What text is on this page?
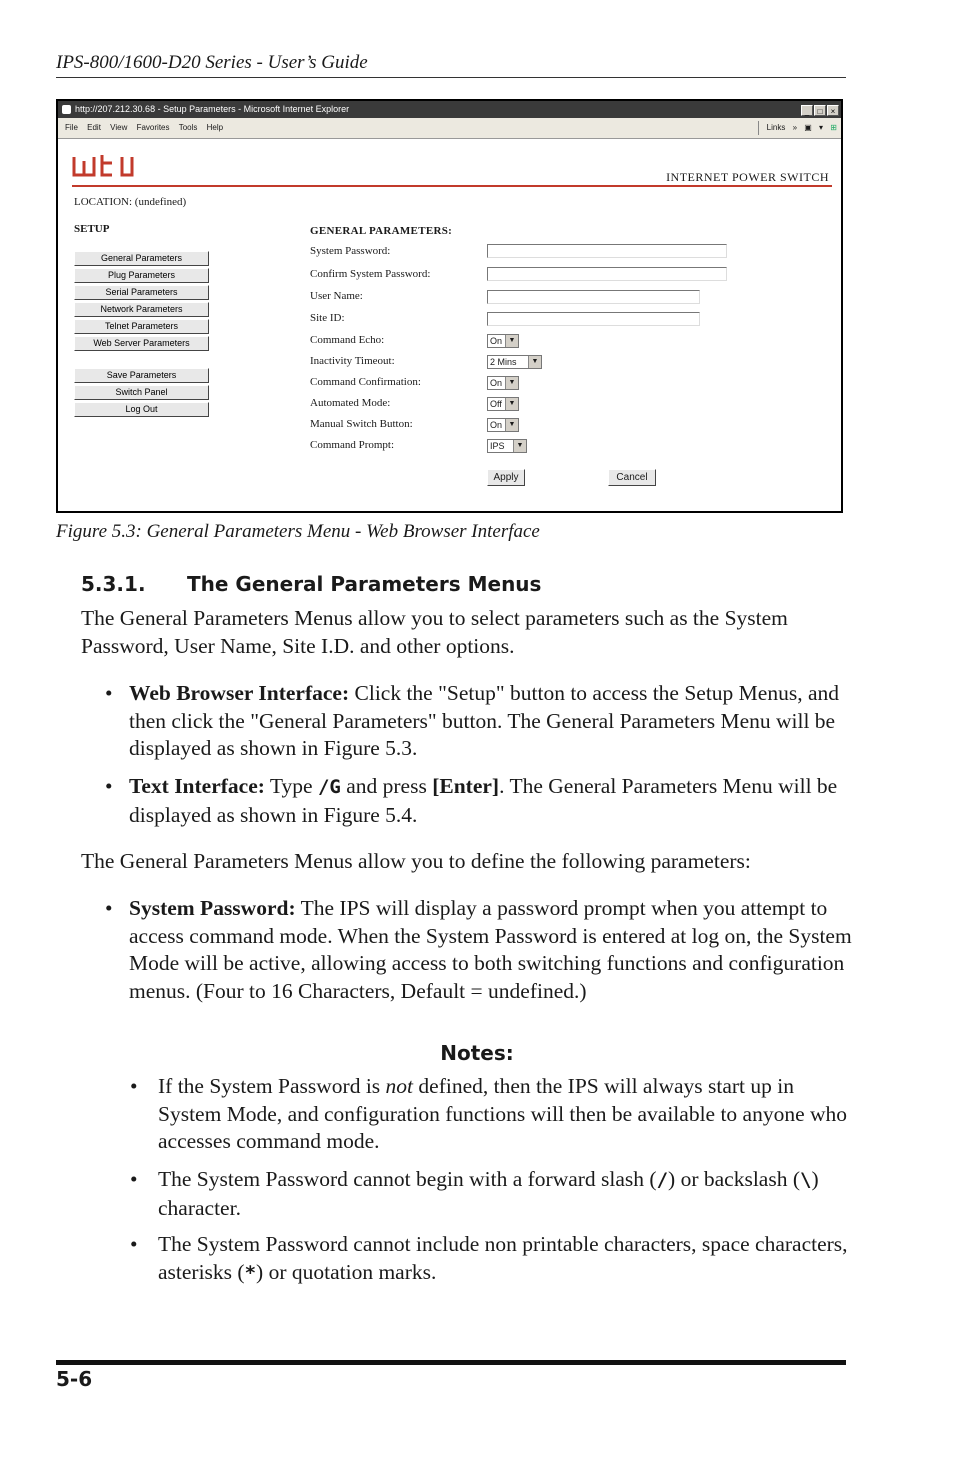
IPS-800/1600-D20 Series - User’s Guide
http://207.212.30.68 - Setup Parameters - Microsoft Internet Explorer	_ □ ×
File Edit View Favorites Tools Help	Links » ▣ ▾ ⊞
wti	INTERNET POWER SWITCH
LOCATION: (undefined)
SETUP
General Parameters
Plug Parameters
Serial Parameters
Network Parameters
Telnet Parameters
Web Server Parameters
Save Parameters
Switch Panel
Log Out
GENERAL PARAMETERS:
System Password:
Confirm System Password:
User Name:
Site ID:
Command Echo:	On ▼
Inactivity Timeout:	2 Mins	▼
Command Confirmation:	On ▼
Automated Mode:	Off ▼
Manual Switch Button:	On ▼
Command Prompt:	IPS	▼
Apply	Cancel
Figure 5.3: General Parameters Menu - Web Browser Interface
5.3.1. The General Parameters Menus
The General Parameters Menus allow you to select parameters such as the System Password, User Name, Site I.D. and other options.
• Web Browser Interface: Click the "Setup" button to access the Setup Menus, and then click the "General Parameters" button. The General Parameters Menu will be displayed as shown in Figure 5.3.
• Text Interface: Type /G and press [Enter]. The General Parameters Menu will be displayed as shown in Figure 5.4.
The General Parameters Menus allow you to define the following parameters:
• System Password: The IPS will display a password prompt when you attempt to access command mode. When the System Password is entered at log on, the System Mode will be active, allowing access to both switching functions and configuration menus. (Four to 16 Characters, Default = undefined.)
Notes:
• If the System Password is not defined, then the IPS will always start up in System Mode, and configuration functions will then be available to anyone who accesses command mode.
• The System Password cannot begin with a forward slash (/) or backslash (\) character.
• The System Password cannot include non printable characters, space characters, asterisks (*) or quotation marks.
5-6
